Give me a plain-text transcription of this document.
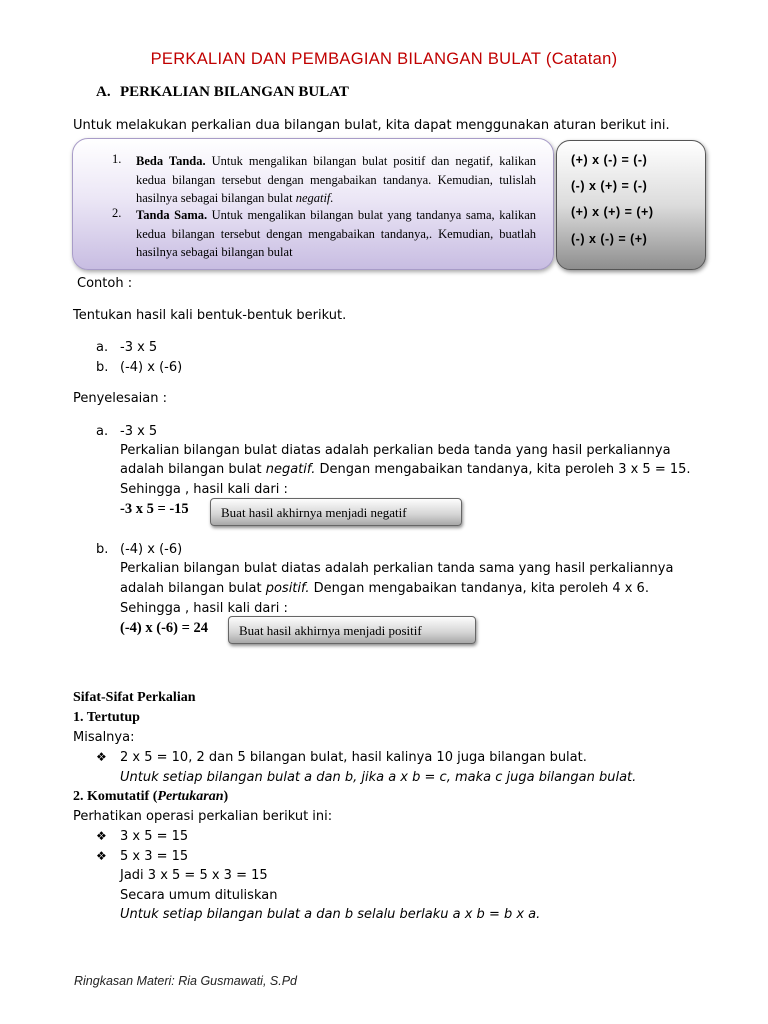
PERKALIAN DAN PEMBAGIAN BILANGAN BULAT (Catatan)
A. PERKALIAN BILANGAN BULAT
Untuk melakukan perkalian dua bilangan bulat, kita dapat menggunakan aturan berikut ini.
1. Beda Tanda. Untuk mengalikan bilangan bulat positif dan negatif, kalikan kedua bilangan tersebut dengan mengabaikan tandanya. Kemudian, tulislah hasilnya sebagai bilangan bulat negatif.
2. Tanda Sama. Untuk mengalikan bilangan bulat yang tandanya sama, kalikan kedua bilangan tersebut dengan mengabaikan tandanya,. Kemudian, buatlah hasilnya sebagai bilangan bulat
(+) x (-) = (-)
(-) x (+) = (-)
(+) x (+) = (+)
(-) x (-) = (+)
Contoh :
Tentukan hasil kali bentuk-bentuk berikut.
a. -3 x 5
b. (-4) x (-6)
Penyelesaian :
a. -3 x 5
Perkalian bilangan bulat diatas adalah perkalian beda tanda yang hasil perkaliannya
adalah bilangan bulat negatif. Dengan mengabaikan tandanya, kita peroleh 3 x 5 = 15.
Sehingga , hasil kali dari :
-3 x 5 = -15	Buat hasil akhirnya menjadi negatif
b. (-4) x (-6)
Perkalian bilangan bulat diatas adalah perkalian tanda sama yang hasil perkaliannya
adalah bilangan bulat positif. Dengan mengabaikan tandanya, kita peroleh 4 x 6.
Sehingga , hasil kali dari :
(-4) x (-6) = 24	Buat hasil akhirnya menjadi positif
Sifat-Sifat Perkalian
1. Tertutup
Misalnya:
❖ 2 x 5 = 10, 2 dan 5 bilangan bulat, hasil kalinya 10 juga bilangan bulat.
Untuk setiap bilangan bulat a dan b, jika a x b = c, maka c juga bilangan bulat.
2. Komutatif (Pertukaran)
Perhatikan operasi perkalian berikut ini:
❖ 3 x 5 = 15
❖ 5 x 3 = 15
Jadi 3 x 5 = 5 x 3 = 15
Secara umum dituliskan
Untuk setiap bilangan bulat a dan b selalu berlaku a x b = b x a.
Ringkasan Materi: Ria Gusmawati, S.Pd
